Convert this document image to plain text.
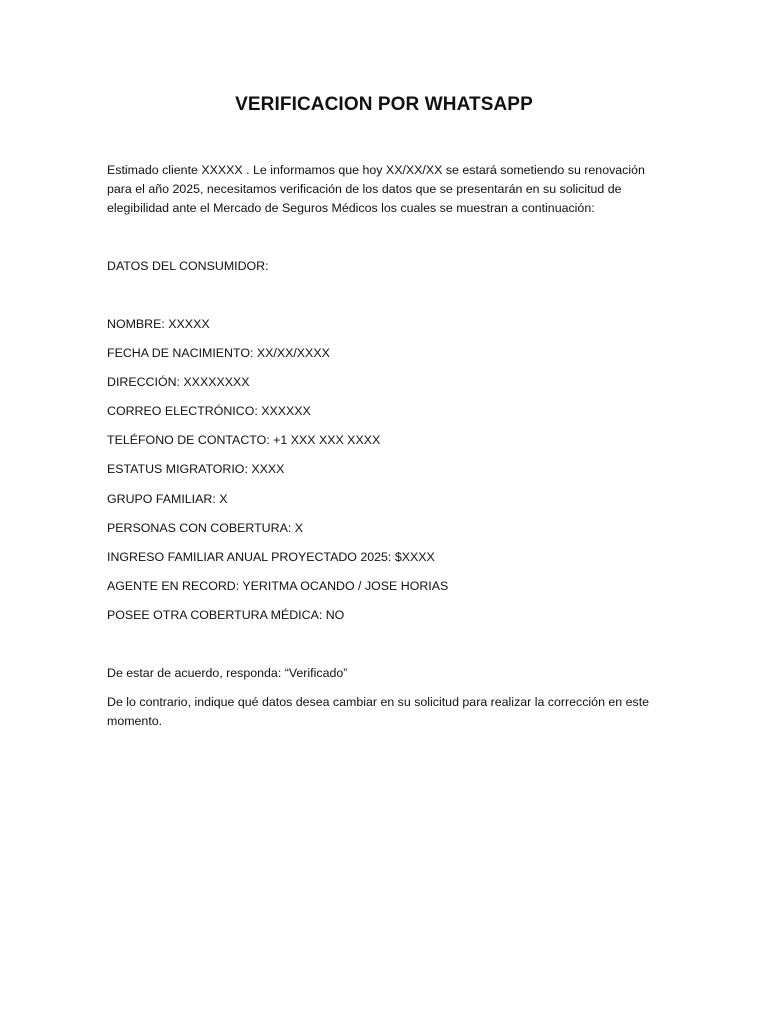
VERIFICACION POR WHATSAPP

Estimado cliente XXXXX . Le informamos que hoy XX/XX/XX se estará sometiendo su renovación para el año 2025, necesitamos verificación de los datos que se presentarán en su solicitud de elegibilidad ante el Mercado de Seguros Médicos los cuales se muestran a continuación:

DATOS DEL CONSUMIDOR:

NOMBRE: XXXXX
FECHA DE NACIMIENTO: XX/XX/XXXX
DIRECCIÓN: XXXXXXXX
CORREO ELECTRÓNICO: XXXXXX
TELÉFONO DE CONTACTO: +1 XXX XXX XXXX
ESTATUS MIGRATORIO: XXXX
GRUPO FAMILIAR: X
PERSONAS CON COBERTURA: X
INGRESO FAMILIAR ANUAL PROYECTADO 2025: $XXXX
AGENTE EN RECORD: YERITMA OCANDO / JOSE HORIAS
POSEE OTRA COBERTURA MÉDICA: NO

De estar de acuerdo, responda: “Verificado”

De lo contrario, indique qué datos desea cambiar en su solicitud para realizar la corrección en este momento.
